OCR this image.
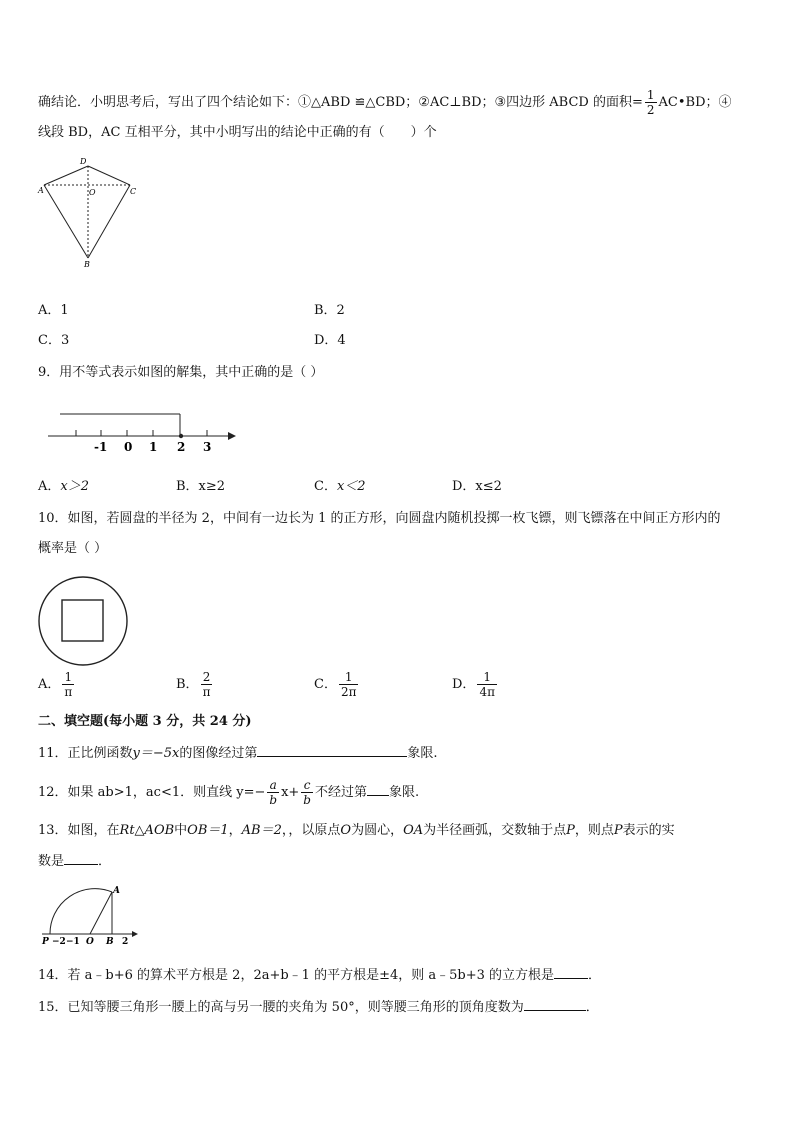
确结论．小明思考后，写出了四个结论如下：①△ABD ≌△CBD；②AC⊥BD；③四边形 ABCD 的面积= $\frac{1}{2}$ AC•BD；④
线段 BD，AC 互相平分，其中小明写出的结论中正确的有（　　）个
D
A	O	C
B
A．1	B．2
C．3	D．4
9．用不等式表示如图的解集，其中正确的是（ ）
-1 0 1 2 3
A．x＞2	B．x≥2	C．x＜2	D．x≤2
10．如图，若圆盘的半径为 2，中间有一边长为 1 的正方形，向圆盘内随机投掷一枚飞镖，则飞镖落在中间正方形内的
概率是（ ）
A． $\frac{1}{\pi}$	B． $\frac{2}{\pi}$	C． $\frac{1}{2\pi}$	D． $\frac{1}{4\pi}$
二、填空题(每小题 3 分，共 24 分)
11．正比例函数y＝−5x的图像经过第	象限.
12．如果 ab>1，ac<1．则直线 $y=- \frac{a}{b} x+ \frac{c}{b}$ 不经过第 象限.
13．如图，在Rt△AOB中OB＝1，AB＝2，，以原点O为圆心，OA为半径画弧，交数轴于点P，则点P表示的实
数是	．
A
P −2 −1 O B 2
14．若 a﹣b+6 的算术平方根是 2，2a+b﹣1 的平方根是±4，则 a﹣5b+3 的立方根是	．
15．已知等腰三角形一腰上的高与另一腰的夹角为 50°，则等腰三角形的顶角度数为	．
